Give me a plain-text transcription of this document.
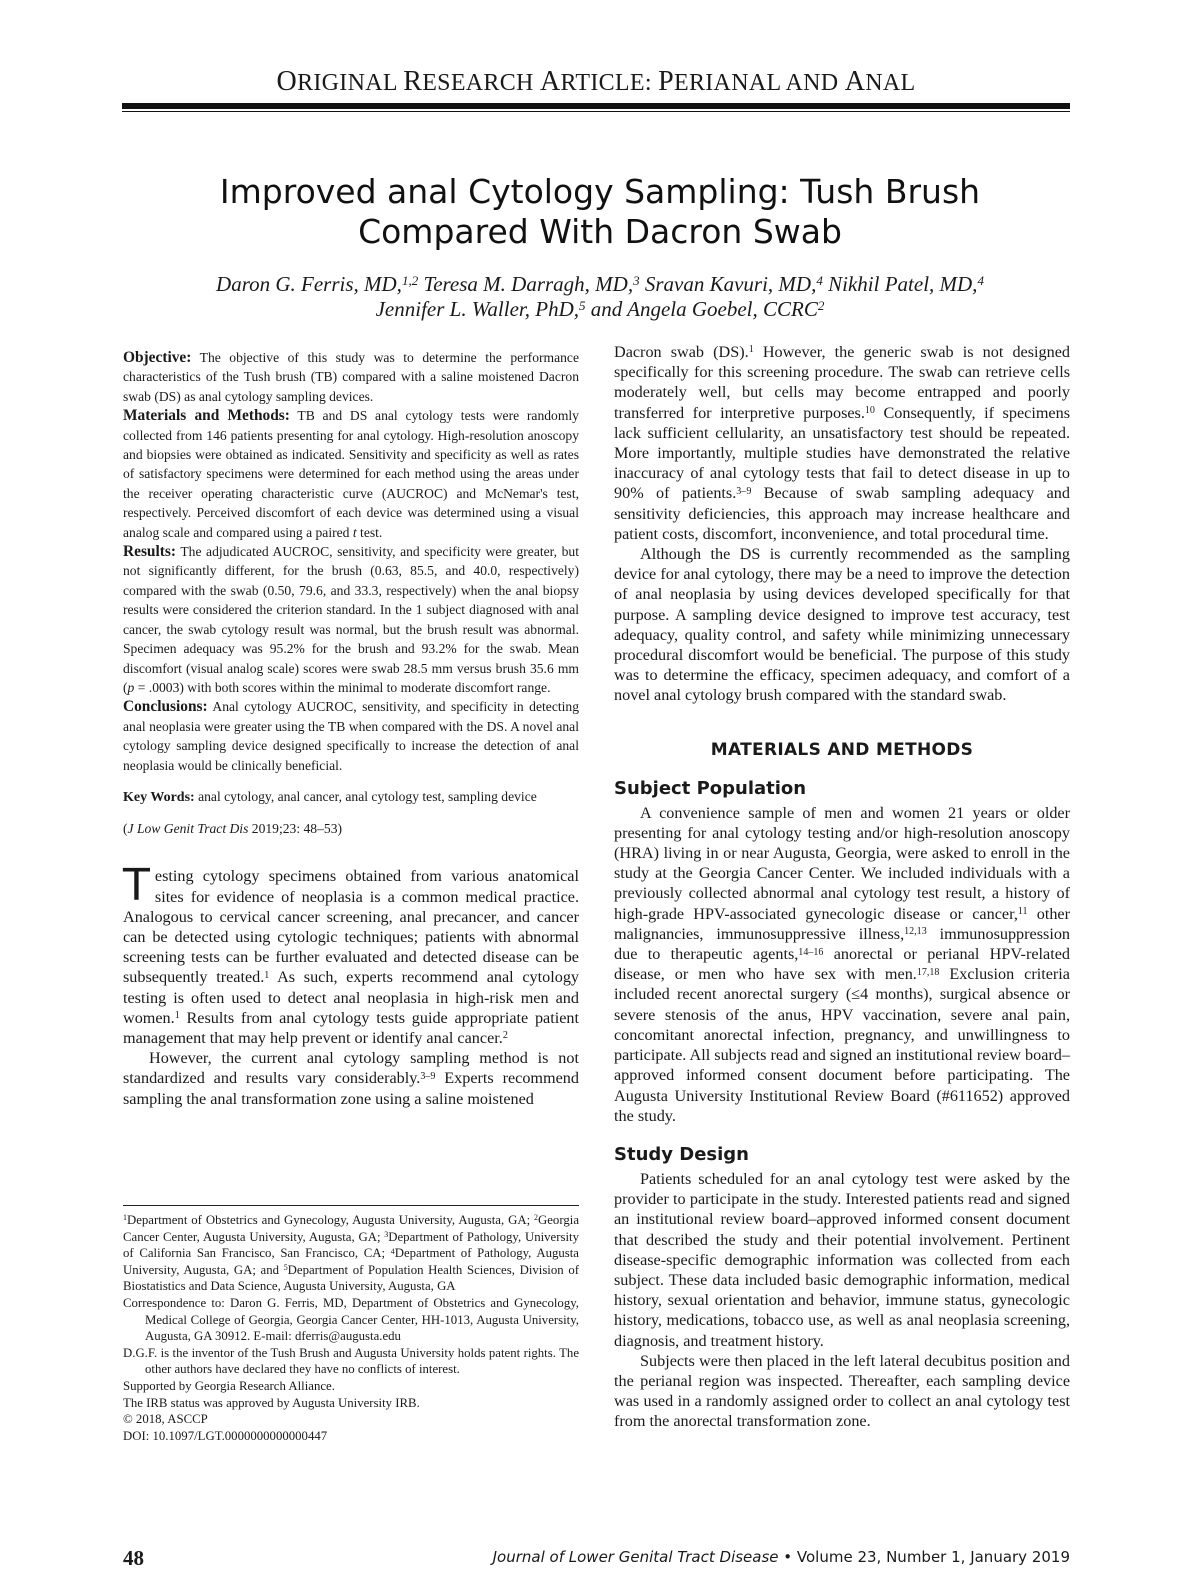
ORIGINAL RESEARCH ARTICLE: PERIANAL AND ANAL
Improved anal Cytology Sampling: Tush Brush
Compared With Dacron Swab
Daron G. Ferris, MD,$^{1,2}$ Teresa M. Darragh, MD,$^3$ Sravan Kavuri, MD,$^4$ Nikhil Patel, MD,$^4$
Jennifer L. Waller, PhD,$^5$ and Angela Goebel, CCRC$^2$

Objective: The objective of this study was to determine the performance characteristics of the Tush brush (TB) compared with a saline moistened Dacron swab (DS) as anal cytology sampling devices.

Materials and Methods: TB and DS anal cytology tests were randomly collected from 146 patients presenting for anal cytology. High-resolution anoscopy and biopsies were obtained as indicated. Sensitivity and specificity as well as rates of satisfactory specimens were determined for each method using the areas under the receiver operating characteristic curve (AUCROC) and McNemar's test, respectively. Perceived discomfort of each device was determined using a visual analog scale and compared using a paired t test.

Results: The adjudicated AUCROC, sensitivity, and specificity were greater, but not significantly different, for the brush (0.63, 85.5, and 40.0, respectively) compared with the swab (0.50, 79.6, and 33.3, respectively) when the anal biopsy results were considered the criterion standard. In the 1 subject diagnosed with anal cancer, the swab cytology result was normal, but the brush result was abnormal. Specimen adequacy was 95.2% for the brush and 93.2% for the swab. Mean discomfort (visual analog scale) scores were swab 28.5 mm versus brush 35.6 mm (p = .0003) with both scores within the minimal to moderate discomfort range.

Conclusions: Anal cytology AUCROC, sensitivity, and specificity in detecting anal neoplasia were greater using the TB when compared with the DS. A novel anal cytology sampling device designed specifically to increase the detection of anal neoplasia would be clinically beneficial.

Key Words: anal cytology, anal cancer, anal cytology test, sampling device

(J Low Genit Tract Dis 2019;23: 48–53)

Testing cytology specimens obtained from various anatomical sites for evidence of neoplasia is a common medical practice. Analogous to cervical cancer screening, anal precancer, and cancer can be detected using cytologic techniques; patients with abnormal screening tests can be further evaluated and detected disease can be subsequently treated.$^1$ As such, experts recommend anal cytology testing is often used to detect anal neoplasia in high-risk men and women.$^1$ Results from anal cytology tests guide appropriate patient management that may help prevent or identify anal cancer.$^2$

However, the current anal cytology sampling method is not standardized and results vary considerably.$^{3-9}$ Experts recommend sampling the anal transformation zone using a saline moistened

$^1$Department of Obstetrics and Gynecology, Augusta University, Augusta, GA; $^2$Georgia Cancer Center, Augusta University, Augusta, GA; $^3$Department of Pathology, University of California San Francisco, San Francisco, CA; $^4$Department of Pathology, Augusta University, Augusta, GA; and $^5$Department of Population Health Sciences, Division of Biostatistics and Data Science, Augusta University, Augusta, GA

Correspondence to: Daron G. Ferris, MD, Department of Obstetrics and Gynecology, Medical College of Georgia, Georgia Cancer Center, HH-1013, Augusta University, Augusta, GA 30912. E-mail: dferris@augusta.edu

D.G.F. is the inventor of the Tush Brush and Augusta University holds patent rights. The other authors have declared they have no conflicts of interest.

Supported by Georgia Research Alliance.

The IRB status was approved by Augusta University IRB.

© 2018, ASCCP

DOI: 10.1097/LGT.0000000000000447

Dacron swab (DS).$^1$ However, the generic swab is not designed specifically for this screening procedure. The swab can retrieve cells moderately well, but cells may become entrapped and poorly transferred for interpretive purposes.$^{10}$ Consequently, if specimens lack sufficient cellularity, an unsatisfactory test should be repeated. More importantly, multiple studies have demonstrated the relative inaccuracy of anal cytology tests that fail to detect disease in up to 90% of patients.$^{3-9}$ Because of swab sampling adequacy and sensitivity deficiencies, this approach may increase healthcare and patient costs, discomfort, inconvenience, and total procedural time.

Although the DS is currently recommended as the sampling device for anal cytology, there may be a need to improve the detection of anal neoplasia by using devices developed specifically for that purpose. A sampling device designed to improve test accuracy, test adequacy, quality control, and safety while minimizing unnecessary procedural discomfort would be beneficial. The purpose of this study was to determine the efficacy, specimen adequacy, and comfort of a novel anal cytology brush compared with the standard swab.

MATERIALS AND METHODS
Subject Population

A convenience sample of men and women 21 years or older presenting for anal cytology testing and/or high-resolution anoscopy (HRA) living in or near Augusta, Georgia, were asked to enroll in the study at the Georgia Cancer Center. We included individuals with a previously collected abnormal anal cytology test result, a history of high-grade HPV-associated gynecologic disease or cancer,$^{11}$ other malignancies, immunosuppressive illness,$^{12,13}$ immunosuppression due to therapeutic agents,$^{14-16}$ anorectal or perianal HPV-related disease, or men who have sex with men.$^{17,18}$ Exclusion criteria included recent anorectal surgery (≤4 months), surgical absence or severe stenosis of the anus, HPV vaccination, severe anal pain, concomitant anorectal infection, pregnancy, and unwillingness to participate. All subjects read and signed an institutional review board–approved informed consent document before participating. The Augusta University Institutional Review Board (#611652) approved the study.

Study Design

Patients scheduled for an anal cytology test were asked by the provider to participate in the study. Interested patients read and signed an institutional review board–approved informed consent document that described the study and their potential involvement. Pertinent disease-specific demographic information was collected from each subject. These data included basic demographic information, medical history, sexual orientation and behavior, immune status, gynecologic history, medications, tobacco use, as well as anal neoplasia screening, diagnosis, and treatment history.

Subjects were then placed in the left lateral decubitus position and the perianal region was inspected. Thereafter, each sampling device was used in a randomly assigned order to collect an anal cytology test from the anorectal transformation zone.

48	Journal of Lower Genital Tract Disease • Volume 23, Number 1, January 2019
